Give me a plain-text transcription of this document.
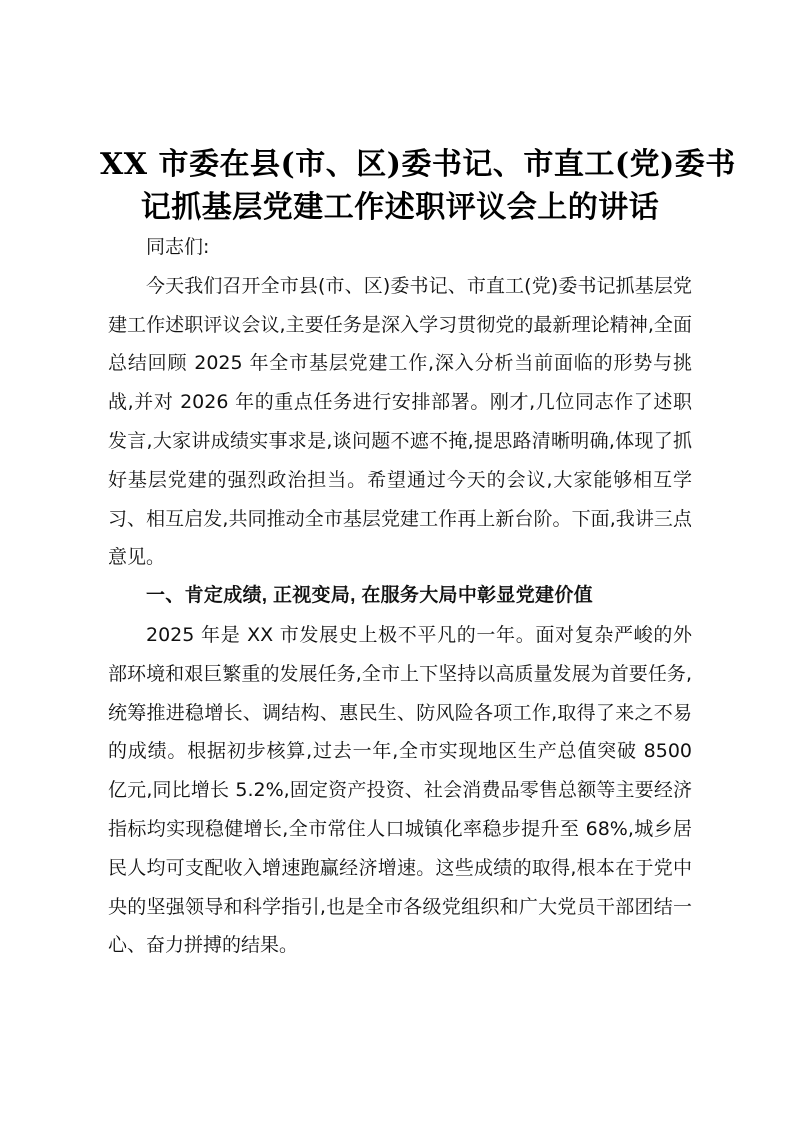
XX 市委在县(市、区)委书记、市直工(党)委书
记抓基层党建工作述职评议会上的讲话

同志们:

今天我们召开全市县(市、区)委书记、市直工(党)委书记抓基层党建工作述职评议会议,主要任务是深入学习贯彻党的最新理论精神,全面总结回顾 2025 年全市基层党建工作,深入分析当前面临的形势与挑战,并对 2026 年的重点任务进行安排部署。刚才,几位同志作了述职发言,大家讲成绩实事求是,谈问题不遮不掩,提思路清晰明确,体现了抓好基层党建的强烈政治担当。希望通过今天的会议,大家能够相互学习、相互启发,共同推动全市基层党建工作再上新台阶。下面,我讲三点意见。

一、肯定成绩, 正视变局, 在服务大局中彰显党建价值

2025 年是 XX 市发展史上极不平凡的一年。面对复杂严峻的外部环境和艰巨繁重的发展任务,全市上下坚持以高质量发展为首要任务,统筹推进稳增长、调结构、惠民生、防风险各项工作,取得了来之不易的成绩。根据初步核算,过去一年,全市实现地区生产总值突破 8500 亿元,同比增长 5.2%,固定资产投资、社会消费品零售总额等主要经济指标均实现稳健增长,全市常住人口城镇化率稳步提升至 68%,城乡居民人均可支配收入增速跑赢经济增速。这些成绩的取得,根本在于党中央的坚强领导和科学指引,也是全市各级党组织和广大党员干部团结一心、奋力拼搏的结果。
